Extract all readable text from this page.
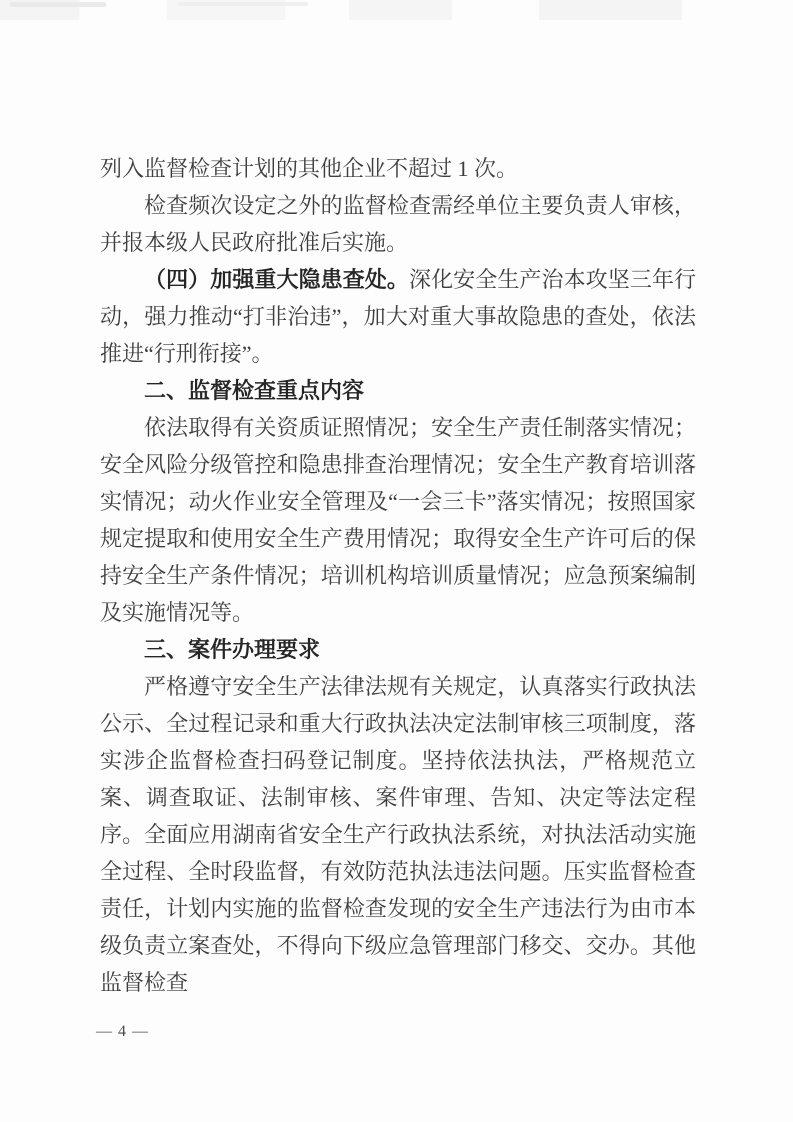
列入监督检查计划的其他企业不超过 1 次。

检查频次设定之外的监督检查需经单位主要负责人审核，并报本级人民政府批准后实施。

（四）加强重大隐患查处。深化安全生产治本攻坚三年行动，强力推动“打非治违”，加大对重大事故隐患的查处，依法推进“行刑衔接”。

二、监督检查重点内容

依法取得有关资质证照情况；安全生产责任制落实情况；安全风险分级管控和隐患排查治理情况；安全生产教育培训落实情况；动火作业安全管理及“一会三卡”落实情况；按照国家规定提取和使用安全生产费用情况；取得安全生产许可后的保持安全生产条件情况；培训机构培训质量情况；应急预案编制及实施情况等。

三、案件办理要求

严格遵守安全生产法律法规有关规定，认真落实行政执法公示、全过程记录和重大行政执法决定法制审核三项制度，落实涉企监督检查扫码登记制度。坚持依法执法，严格规范立案、调查取证、法制审核、案件审理、告知、决定等法定程序。全面应用湖南省安全生产行政执法系统，对执法活动实施全过程、全时段监督，有效防范执法违法问题。压实监督检查责任，计划内实施的监督检查发现的安全生产违法行为由市本级负责立案查处，不得向下级应急管理部门移交、交办。其他监督检查

— 4 —
